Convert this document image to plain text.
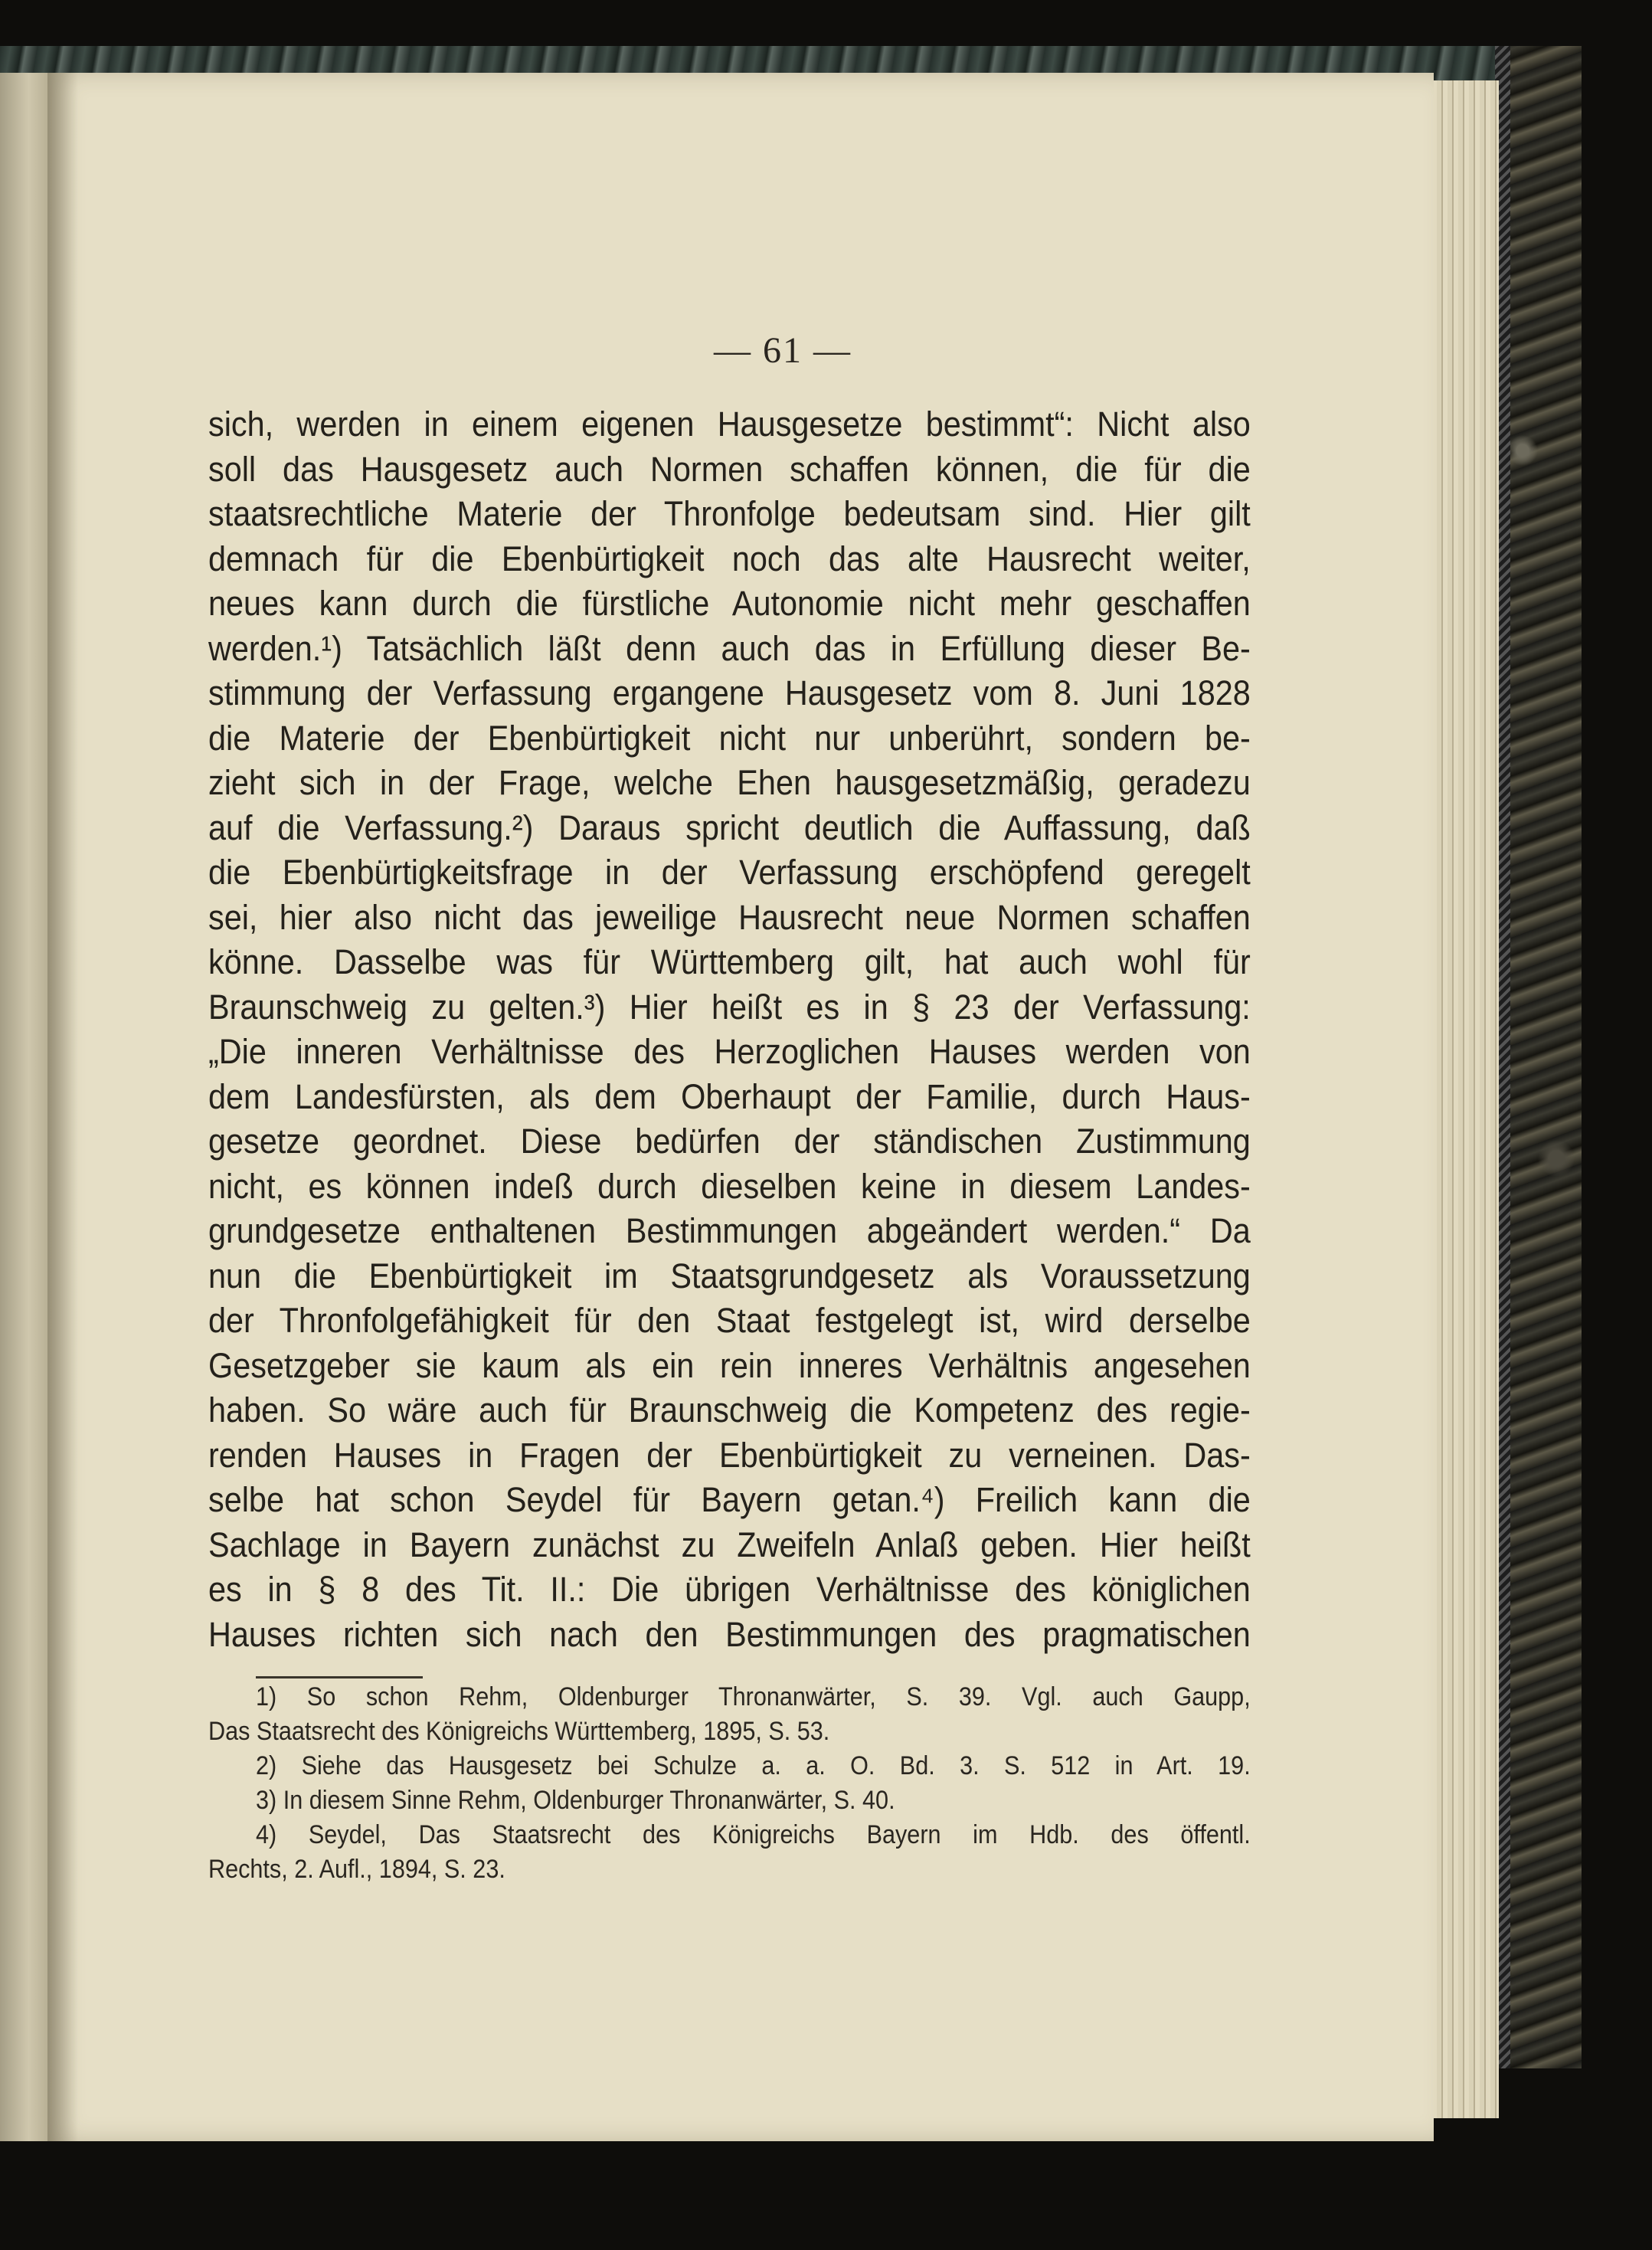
— 61 —
sich, werden in einem eigenen Hausgesetze bestimmt“: Nicht also
soll das Hausgesetz auch Normen schaffen können, die für die
staatsrechtliche Materie der Thronfolge bedeutsam sind. Hier gilt
demnach für die Ebenbürtigkeit noch das alte Hausrecht weiter,
neues kann durch die fürstliche Autonomie nicht mehr geschaffen
werden.¹) Tatsächlich läßt denn auch das in Erfüllung dieser Be-
stimmung der Verfassung ergangene Hausgesetz vom 8. Juni 1828
die Materie der Ebenbürtigkeit nicht nur unberührt, sondern be-
zieht sich in der Frage, welche Ehen hausgesetzmäßig, geradezu
auf die Verfassung.²) Daraus spricht deutlich die Auffassung, daß
die Ebenbürtigkeitsfrage in der Verfassung erschöpfend geregelt
sei, hier also nicht das jeweilige Hausrecht neue Normen schaffen
könne. Dasselbe was für Württemberg gilt, hat auch wohl für
Braunschweig zu gelten.³) Hier heißt es in § 23 der Verfassung:
„Die inneren Verhältnisse des Herzoglichen Hauses werden von
dem Landesfürsten, als dem Oberhaupt der Familie, durch Haus-
gesetze geordnet. Diese bedürfen der ständischen Zustimmung
nicht, es können indeß durch dieselben keine in diesem Landes-
grundgesetze enthaltenen Bestimmungen abgeändert werden.“ Da
nun die Ebenbürtigkeit im Staatsgrundgesetz als Voraussetzung
der Thronfolgefähigkeit für den Staat festgelegt ist, wird derselbe
Gesetzgeber sie kaum als ein rein inneres Verhältnis angesehen
haben. So wäre auch für Braunschweig die Kompetenz des regie-
renden Hauses in Fragen der Ebenbürtigkeit zu verneinen. Das-
selbe hat schon Seydel für Bayern getan.⁴) Freilich kann die
Sachlage in Bayern zunächst zu Zweifeln Anlaß geben. Hier heißt
es in § 8 des Tit. II.: Die übrigen Verhältnisse des königlichen
Hauses richten sich nach den Bestimmungen des pragmatischen
1) So schon Rehm, Oldenburger Thronanwärter, S. 39. Vgl. auch Gaupp,
Das Staatsrecht des Königreichs Württemberg, 1895, S. 53.
2) Siehe das Hausgesetz bei Schulze a. a. O. Bd. 3. S. 512 in Art. 19.
3) In diesem Sinne Rehm, Oldenburger Thronanwärter, S. 40.
4) Seydel, Das Staatsrecht des Königreichs Bayern im Hdb. des öffentl.
Rechts, 2. Aufl., 1894, S. 23.
